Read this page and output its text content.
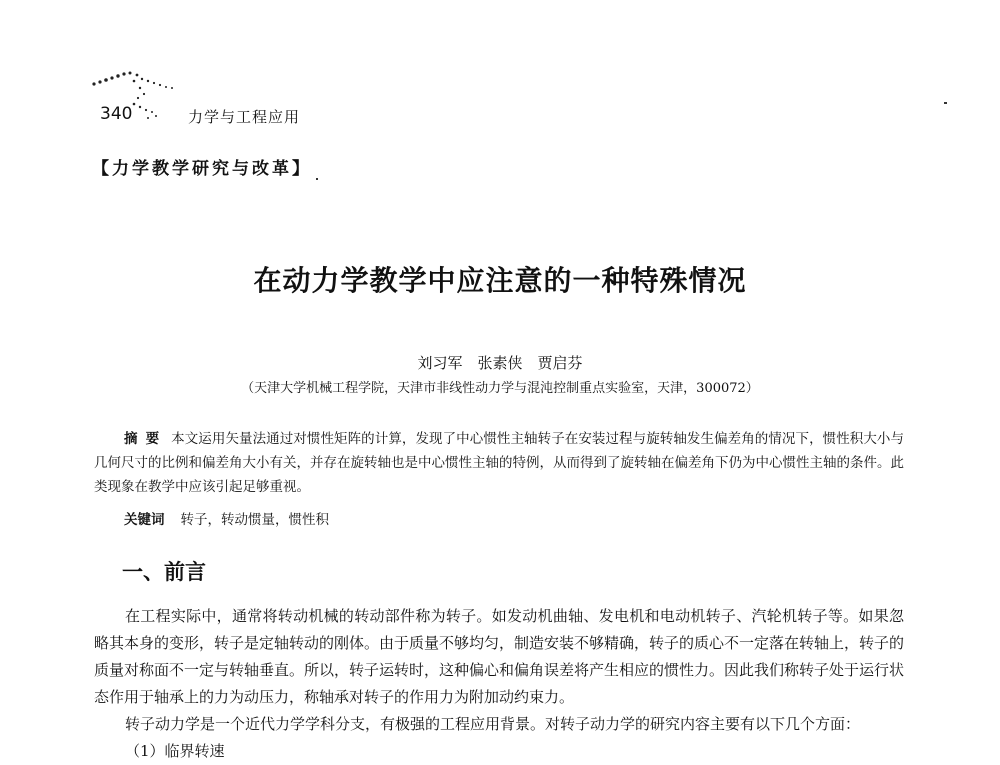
340	力学与工程应用
【力学教学研究与改革】
在动力学教学中应注意的一种特殊情况
刘习军　张素侠　贾启芬
（天津大学机械工程学院，天津市非线性动力学与混沌控制重点实验室，天津，300072）
摘要 本文运用矢量法通过对惯性矩阵的计算，发现了中心惯性主轴转子在安装过程与旋转轴发生偏差角的情况下，惯性积大小与几何尺寸的比例和偏差角大小有关，并存在旋转轴也是中心惯性主轴的特例，从而得到了旋转轴在偏差角下仍为中心惯性主轴的条件。此类现象在教学中应该引起足够重视。
关键词 转子，转动惯量，惯性积
一、前言

在工程实际中，通常将转动机械的转动部件称为转子。如发动机曲轴、发电机和电动机转子、汽轮机转子等。如果忽略其本身的变形，转子是定轴转动的刚体。由于质量不够均匀，制造安装不够精确，转子的质心不一定落在转轴上，转子的质量对称面不一定与转轴垂直。所以，转子运转时，这种偏心和偏角误差将产生相应的惯性力。因此我们称转子处于运行状态作用于轴承上的力为动压力，称轴承对转子的作用力为附加动约束力。

转子动力学是一个近代力学学科分支，有极强的工程应用背景。对转子动力学的研究内容主要有以下几个方面：

（1）临界转速
